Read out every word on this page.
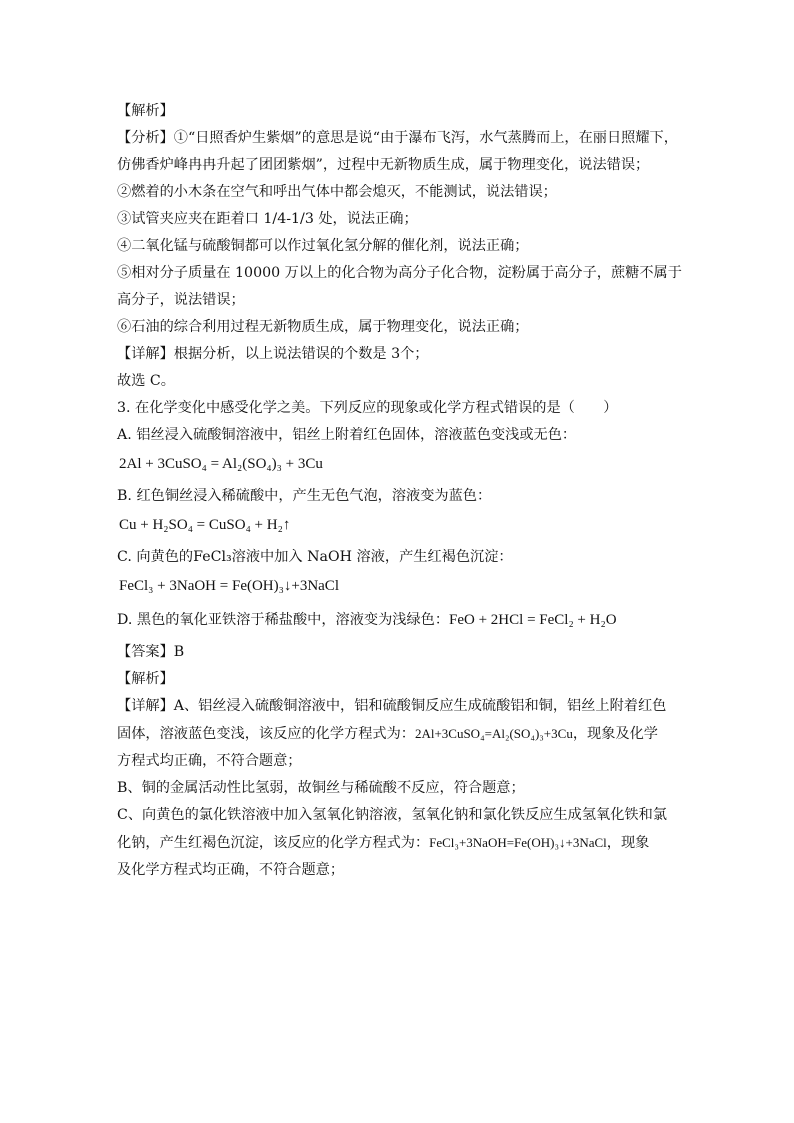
【解析】
【分析】①“日照香炉生紫烟”的意思是说“由于瀑布飞泻，水气蒸腾而上，在丽日照耀下，
仿佛香炉峰冉冉升起了团团紫烟”，过程中无新物质生成，属于物理变化，说法错误；
②燃着的小木条在空气和呼出气体中都会熄灭，不能测试，说法错误；
③试管夹应夹在距着口 1/4-1/3 处，说法正确；
④二氧化锰与硫酸铜都可以作过氧化氢分解的催化剂，说法正确；
⑤相对分子质量在 10000 万以上的化合物为高分子化合物，淀粉属于高分子，蔗糖不属于
高分子，说法错误；
⑥石油的综合利用过程无新物质生成，属于物理变化，说法正确；
【详解】根据分析，以上说法错误的个数是 3个；
故选 C。
3. 在化学变化中感受化学之美。下列反应的现象或化学方程式错误的是（　　）
A. 铝丝浸入硫酸铜溶液中，铝丝上附着红色固体，溶液蓝色变浅或无色：
2Al + 3CuSO₄ = Al₂(SO₄)₃ + 3Cu
B. 红色铜丝浸入稀硫酸中，产生无色气泡，溶液变为蓝色：
Cu + H₂SO₄ = CuSO₄ + H₂↑
C. 向黄色的FeCl₃溶液中加入 NaOH 溶液，产生红褐色沉淀：
FeCl₃ + 3NaOH = Fe(OH)₃↓+3NaCl
D. 黑色的氧化亚铁溶于稀盐酸中，溶液变为浅绿色：FeO + 2HCl = FeCl₂ + H₂O
【答案】B
【解析】
【详解】A、铝丝浸入硫酸铜溶液中，铝和硫酸铜反应生成硫酸铝和铜，铝丝上附着红色
固体，溶液蓝色变浅，该反应的化学方程式为：2Al+3CuSO₄=Al₂(SO₄)₃+3Cu，现象及化学
方程式均正确，不符合题意；
B、铜的金属活动性比氢弱，故铜丝与稀硫酸不反应，符合题意；
C、向黄色的氯化铁溶液中加入氢氧化钠溶液，氢氧化钠和氯化铁反应生成氢氧化铁和氯
化钠，产生红褐色沉淀，该反应的化学方程式为：FeCl₃+3NaOH=Fe(OH)₃↓+3NaCl，现象
及化学方程式均正确，不符合题意；
